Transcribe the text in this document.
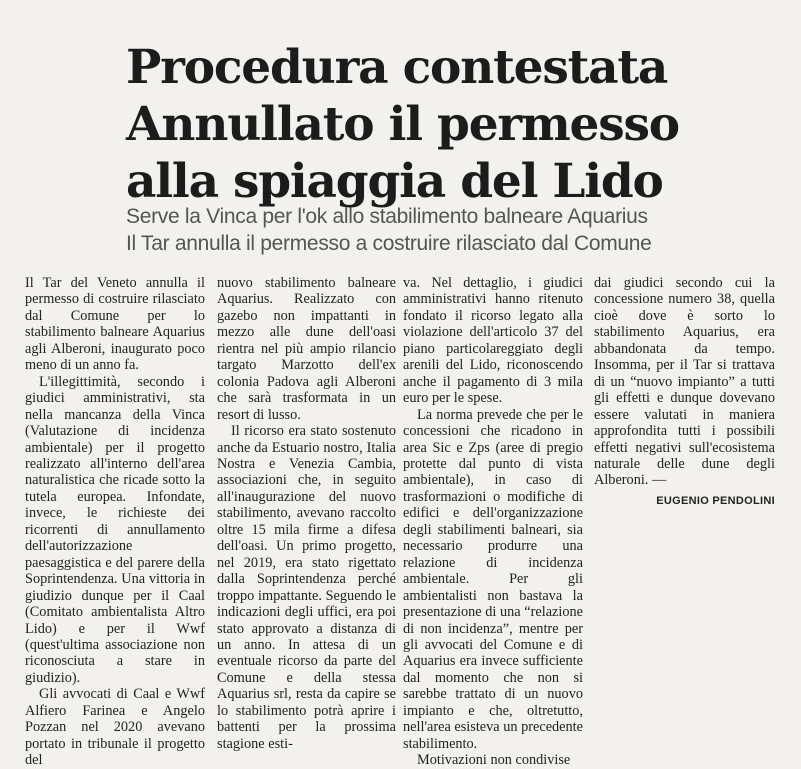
Procedura contestata
Annullato il permesso
alla spiaggia del Lido
Serve la Vinca per l'ok allo stabilimento balneare Aquarius
Il Tar annulla il permesso a costruire rilasciato dal Comune

Il Tar del Veneto annulla il permesso di costruire rilasciato dal Comune per lo stabilimento balneare Aquarius agli Alberoni, inaugurato poco meno di un anno fa.

L'illegittimità, secondo i giudici amministrativi, sta nella mancanza della Vinca (Valutazione di incidenza ambientale) per il progetto realizzato all'interno dell'area naturalistica che ricade sotto la tutela europea. Infondate, invece, le richieste dei ricorrenti di annullamento dell'autorizzazione paesaggistica e del parere della Soprintendenza. Una vittoria in giudizio dunque per il Caal (Comitato ambientalista Altro Lido) e per il Wwf (quest'ultima associazione non riconosciuta a stare in giudizio).

Gli avvocati di Caal e Wwf Alfiero Farinea e Angelo Pozzan nel 2020 avevano portato in tribunale il progetto del

nuovo stabilimento balneare Aquarius. Realizzato con gazebo non impattanti in mezzo alle dune dell'oasi rientra nel più ampio rilancio targato Marzotto dell'ex colonia Padova agli Alberoni che sarà trasformata in un resort di lusso.

Il ricorso era stato sostenuto anche da Estuario nostro, Italia Nostra e Venezia Cambia, associazioni che, in seguito all'inaugurazione del nuovo stabilimento, avevano raccolto oltre 15 mila firme a difesa dell'oasi. Un primo progetto, nel 2019, era stato rigettato dalla Soprintendenza perché troppo impattante. Seguendo le indicazioni degli uffici, era poi stato approvato a distanza di un anno. In attesa di un eventuale ricorso da parte del Comune e della stessa Aquarius srl, resta da capire se lo stabilimento potrà aprire i battenti per la prossima stagione esti-

va. Nel dettaglio, i giudici amministrativi hanno ritenuto fondato il ricorso legato alla violazione dell'articolo 37 del piano particolareggiato degli arenili del Lido, riconoscendo anche il pagamento di 3 mila euro per le spese.

La norma prevede che per le concessioni che ricadono in area Sic e Zps (aree di pregio protette dal punto di vista ambientale), in caso di trasformazioni o modifiche di edifici e dell'organizzazione degli stabilimenti balneari, sia necessario produrre una relazione di incidenza ambientale. Per gli ambientalisti non bastava la presentazione di una “relazione di non incidenza”, mentre per gli avvocati del Comune e di Aquarius era invece sufficiente dal momento che non si sarebbe trattato di un nuovo impianto e che, oltretutto, nell'area esisteva un precedente stabilimento.

Motivazioni non condivise

dai giudici secondo cui la concessione numero 38, quella cioè dove è sorto lo stabilimento Aquarius, era abbandonata da tempo. Insomma, per il Tar si trattava di un “nuovo impianto” a tutti gli effetti e dunque dovevano essere valutati in maniera approfondita tutti i possibili effetti negativi sull'ecosistema naturale delle dune degli Alberoni. —

EUGENIO PENDOLINI
